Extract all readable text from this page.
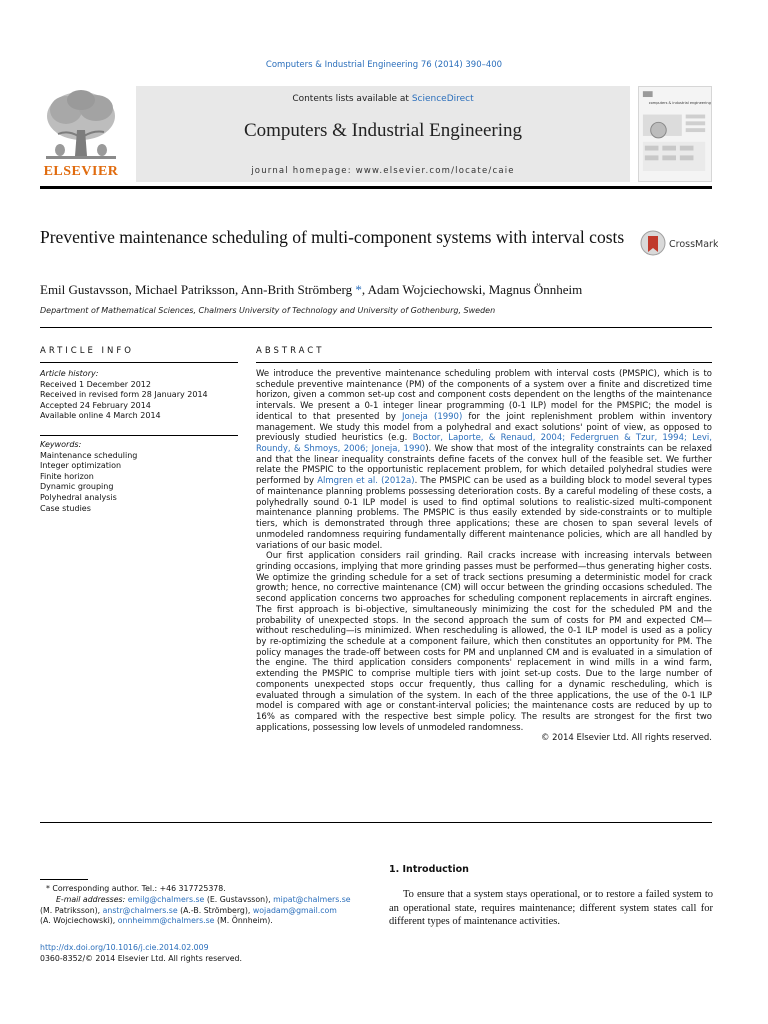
Computers & Industrial Engineering 76 (2014) 390–400
Contents lists available at ScienceDirect
Computers & Industrial Engineering
journal homepage: www.elsevier.com/locate/caie
ELSEVIER
computers & industrial engineering
Preventive maintenance scheduling of multi-component systems with interval costs	CrossMark
Emil Gustavsson, Michael Patriksson, Ann-Brith Strömberg *, Adam Wojciechowski, Magnus Önnheim
Department of Mathematical Sciences, Chalmers University of Technology and University of Gothenburg, Sweden
ARTICLE INFO	ABSTRACT
Article history:
Received 1 December 2012
Received in revised form 28 January 2014
Accepted 24 February 2014
Available online 4 March 2014
Keywords:
Maintenance scheduling
Integer optimization
Finite horizon
Dynamic grouping
Polyhedral analysis
Case studies

We introduce the preventive maintenance scheduling problem with interval costs (PMSPIC), which is to schedule preventive maintenance (PM) of the components of a system over a finite and discretized time horizon, given a common set-up cost and component costs dependent on the lengths of the maintenance intervals. We present a 0-1 integer linear programming (0-1 ILP) model for the PMSPIC; the model is identical to that presented by Joneja (1990) for the joint replenishment problem within inventory management. We study this model from a polyhedral and exact solutions' point of view, as opposed to previously studied heuristics (e.g. Boctor, Laporte, & Renaud, 2004; Federgruen & Tzur, 1994; Levi, Roundy, & Shmoys, 2006; Joneja, 1990). We show that most of the integrality constraints can be relaxed and that the linear inequality constraints define facets of the convex hull of the feasible set. We further relate the PMSPIC to the opportunistic replacement problem, for which detailed polyhedral studies were performed by Almgren et al. (2012a). The PMSPIC can be used as a building block to model several types of maintenance planning problems possessing deterioration costs. By a careful modeling of these costs, a polyhedrally sound 0-1 ILP model is used to find optimal solutions to realistic-sized multi-component maintenance planning problems. The PMSPIC is thus easily extended by side-constraints or to multiple tiers, which is demonstrated through three applications; these are chosen to span several levels of unmodeled randomness requiring fundamentally different maintenance policies, which are all handled by variations of our basic model.

Our first application considers rail grinding. Rail cracks increase with increasing intervals between grinding occasions, implying that more grinding passes must be performed—thus generating higher costs. We optimize the grinding schedule for a set of track sections presuming a deterministic model for crack growth; hence, no corrective maintenance (CM) will occur between the grinding occasions scheduled. The second application concerns two approaches for scheduling component replacements in aircraft engines. The first approach is bi-objective, simultaneously minimizing the cost for the scheduled PM and the probability of unexpected stops. In the second approach the sum of costs for PM and expected CM—without rescheduling—is minimized. When rescheduling is allowed, the 0-1 ILP model is used as a policy by re-optimizing the schedule at a component failure, which then constitutes an opportunity for PM. The policy manages the trade-off between costs for PM and unplanned CM and is evaluated in a simulation of the engine. The third application considers components' replacement in wind mills in a wind farm, extending the PMSPIC to comprise multiple tiers with joint set-up costs. Due to the large number of components unexpected stops occur frequently, thus calling for a dynamic rescheduling, which is evaluated through a simulation of the system. In each of the three applications, the use of the 0-1 ILP model is compared with age or constant-interval policies; the maintenance costs are reduced by up to 16% as compared with the respective best simple policy. The results are strongest for the first two applications, possessing low levels of unmodeled randomness.

© 2014 Elsevier Ltd. All rights reserved.
* Corresponding author. Tel.: +46 317725378.
E-mail addresses: emilg@chalmers.se (E. Gustavsson), mipat@chalmers.se
(M. Patriksson), anstr@chalmers.se (A.-B. Strömberg), wojadam@gmail.com
(A. Wojciechowski), onnheimm@chalmers.se (M. Önnheim).
http://dx.doi.org/10.1016/j.cie.2014.02.009
0360-8352/© 2014 Elsevier Ltd. All rights reserved.
1. Introduction
To ensure that a system stays operational, or to restore a failed system to an operational state, requires maintenance; different system states call for different types of maintenance activities.
